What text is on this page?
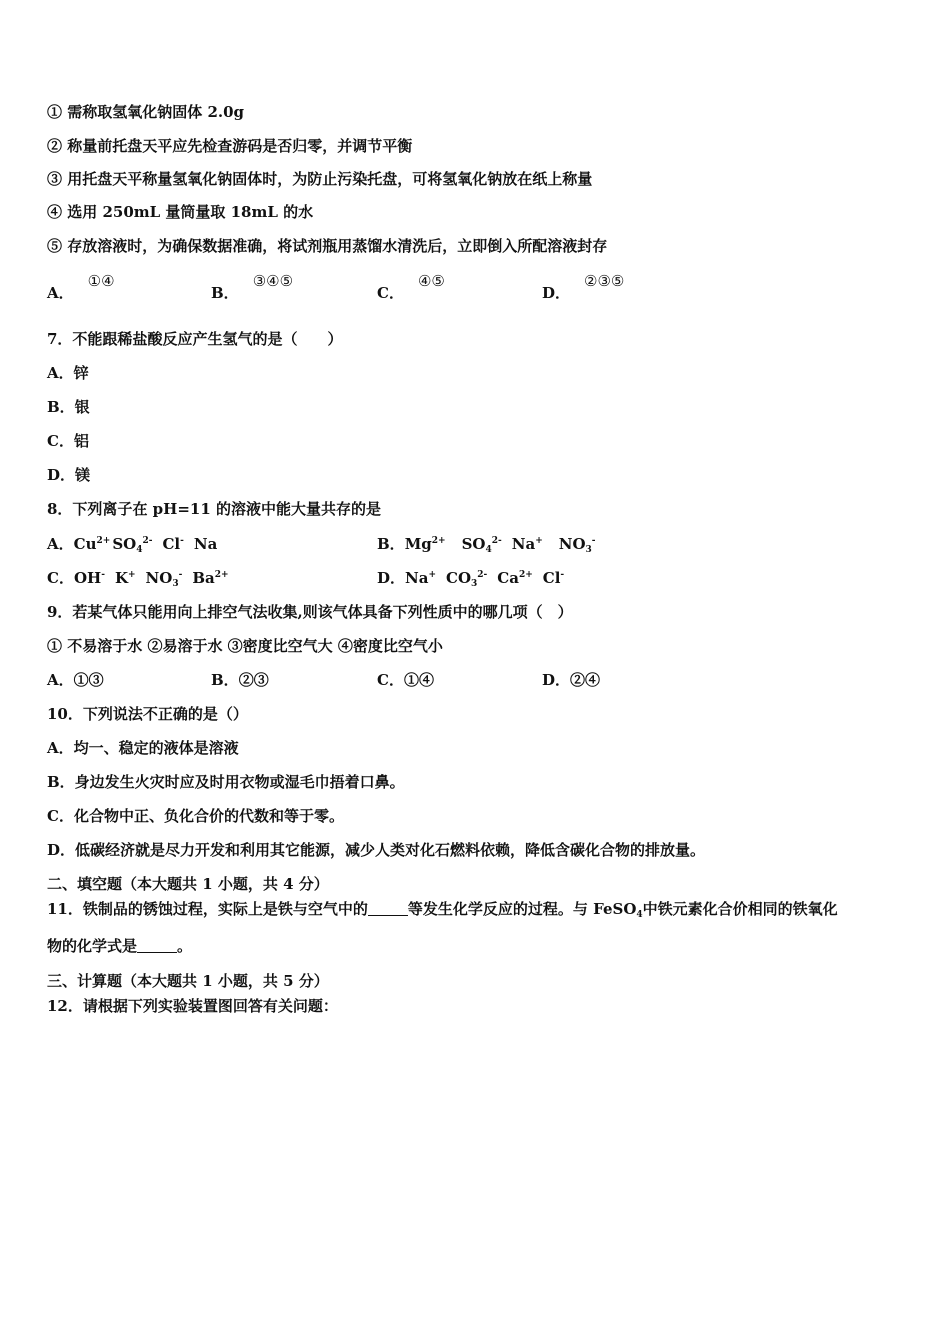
① 需称取氢氧化钠固体 2.0g
② 称量前托盘天平应先检查游码是否归零，并调节平衡
③ 用托盘天平称量氢氧化钠固体时，为防止污染托盘，可将氢氧化钠放在纸上称量
④ 选用 250mL 量筒量取 18mL 的水
⑤ 存放溶液时，为确保数据准确，将试剂瓶用蒸馏水清洗后，立即倒入所配溶液封存
A．①④
B．③④⑤
C．④⑤
D．②③⑤
7．不能跟稀盐酸反应产生氢气的是（　　）
A．锌
B．银
C．铝
D．镁
8．下列离子在 pH=11 的溶液中能大量共存的是
A．$Cu^{2+}$ $SO_4^{2-}$ Cl- Na	B．$Mg^{2+}$ $SO_4^{2-}$ Na+ $NO_3^-$
C．OH- K+ $NO_3^-$ $Ba^{2+}$	D．Na+ $CO_3^{2-}$ $Ca^{2+}$ Cl-
9．若某气体只能用向上排空气法收集,则该气体具备下列性质中的哪几项（　）
① 不易溶于水 ②易溶于水 ③密度比空气大 ④密度比空气小
A．①③	B．②③	C．①④	D．②④
10．下列说法不正确的是（）
A．均一、稳定的液体是溶液
B．身边发生火灾时应及时用衣物或湿毛巾捂着口鼻。
C．化合物中正、负化合价的代数和等于零。
D．低碳经济就是尽力开发和利用其它能源，减少人类对化石燃料依赖，降低含碳化合物的排放量。
二、填空题（本大题共 1 小题，共 4 分）
11．铁制品的锈蚀过程，实际上是铁与空气中的	等发生化学反应的过程。与 FeSO$_4$中铁元素化合价相同的铁氧化
物的化学式是	。
三、计算题（本大题共 1 小题，共 5 分）
12．请根据下列实验装置图回答有关问题：
